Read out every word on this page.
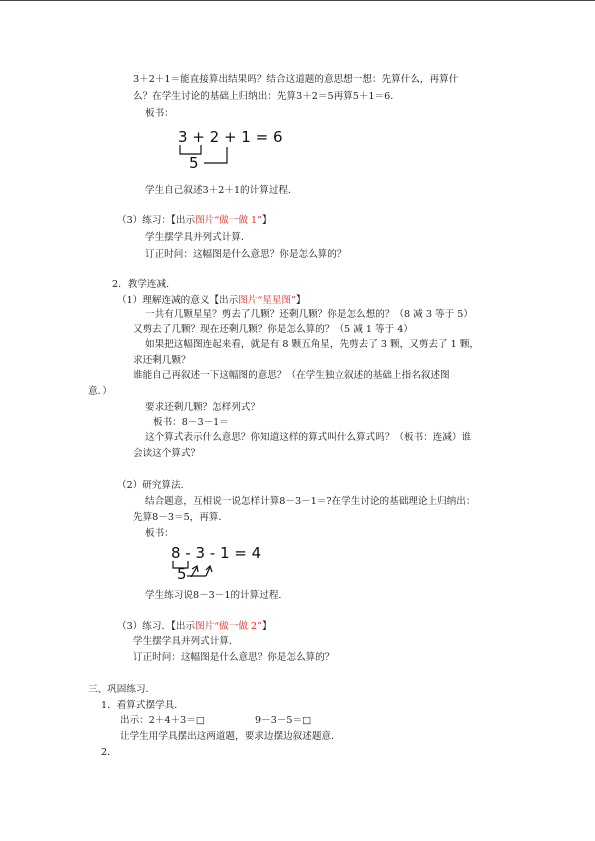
3＋2＋1＝能直接算出结果吗？结合这道题的意思想一想：先算什么，再算什
么？在学生讨论的基础上归纳出：先算3＋2＝5再算5＋1＝6．
板书：
3 + 2 + 1 = 6
5
学生自己叙述3＋2＋1的计算过程．
（3）练习：【出示图片“做一做 1”】
学生摆学具并列式计算．
订正时问：这幅图是什么意思？你是怎么算的？
2．教学连减．
（1）理解连减的意义【出示图片“星星图”】
一共有几颗星星？剪去了几颗？还剩几颗？你是怎么想的？（8 减 3 等于 5）
又剪去了几颗？现在还剩几颗？你是怎么算的？（5 减 1 等于 4）
如果把这幅图连起来看，就是有 8 颗五角星，先剪去了 3 颗，又剪去了 1 颗，
求还剩几颗？
谁能自己再叙述一下这幅图的意思？（在学生独立叙述的基础上指名叙述图
意．）
要求还剩几颗？怎样列式？
板书：8－3－1＝
这个算式表示什么意思？你知道这样的算式叫什么算式吗？（板书：连减）谁
会读这个算式？
（2）研究算法．
结合题意，互相说一说怎样计算8－3－1＝?在学生讨论的基础理论上归纳出：
先算8－3＝5，再算．
板书：
8 - 3 - 1 = 4
5
学生练习说8－3－1的计算过程．
（3）练习．【出示图片“做一做 2”】
学生摆学具并列式计算．
订正时问：这幅图是什么意思？你是怎么算的？
三、巩固练习．
1．看算式摆学具．
出示：2＋4＋3＝□	9－3－5＝□
让学生用学具摆出这两道题，要求边摆边叙述题意．
2．
